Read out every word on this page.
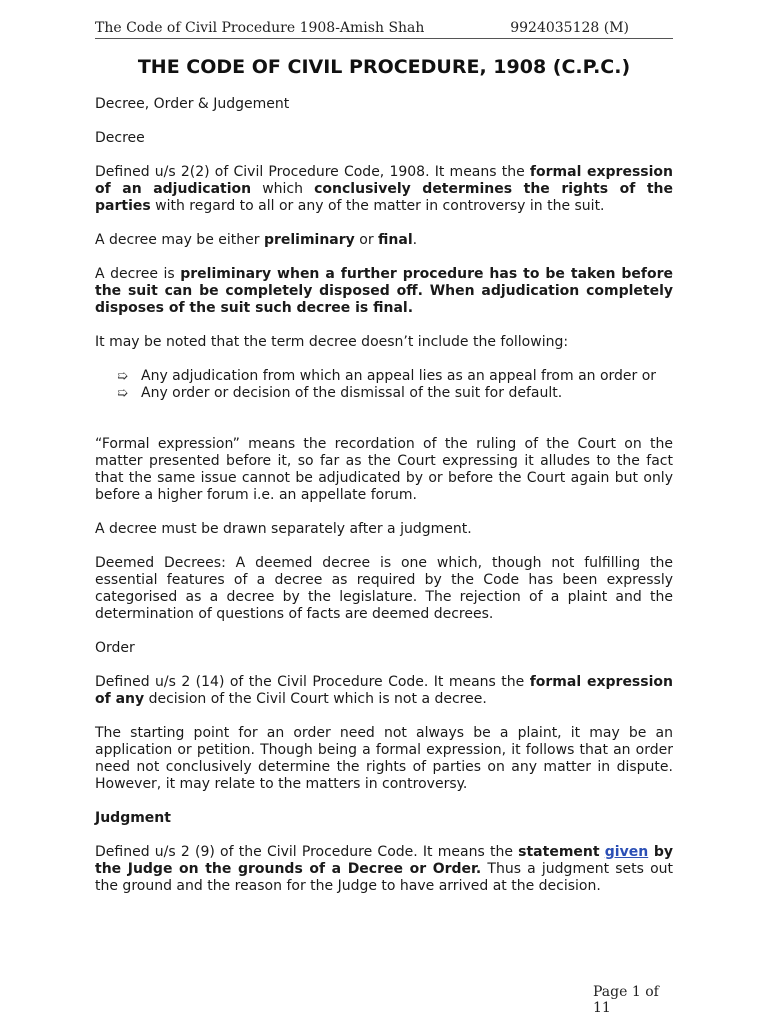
The Code of Civil Procedure 1908-Amish Shah	9924035128 (M)
THE CODE OF CIVIL PROCEDURE, 1908 (C.P.C.)
Decree, Order & Judgement
Decree

Defined u/s 2(2) of Civil Procedure Code, 1908. It means the formal expression of an adjudication which conclusively determines the rights of the parties with regard to all or any of the matter in controversy in the suit.

A decree may be either preliminary or final.

A decree is preliminary when a further procedure has to be taken before the suit can be completely disposed off. When adjudication completely disposes of the suit such decree is final.

It may be noted that the term decree doesn’t include the following:

➯ Any adjudication from which an appeal lies as an appeal from an order or
➯ Any order or decision of the dismissal of the suit for default.

“Formal expression” means the recordation of the ruling of the Court on the matter presented before it, so far as the Court expressing it alludes to the fact that the same issue cannot be adjudicated by or before the Court again but only before a higher forum i.e. an appellate forum.

A decree must be drawn separately after a judgment.

Deemed Decrees: A deemed decree is one which, though not fulfilling the essential features of a decree as required by the Code has been expressly categorised as a decree by the legislature. The rejection of a plaint and the determination of questions of facts are deemed decrees.

Order

Defined u/s 2 (14) of the Civil Procedure Code. It means the formal expression of any decision of the Civil Court which is not a decree.

The starting point for an order need not always be a plaint, it may be an application or petition. Though being a formal expression, it follows that an order need not conclusively determine the rights of parties on any matter in dispute. However, it may relate to the matters in controversy.

Judgment

Defined u/s 2 (9) of the Civil Procedure Code. It means the statement given by the Judge on the grounds of a Decree or Order. Thus a judgment sets out the ground and the reason for the Judge to have arrived at the decision.

Page 1 of 11
